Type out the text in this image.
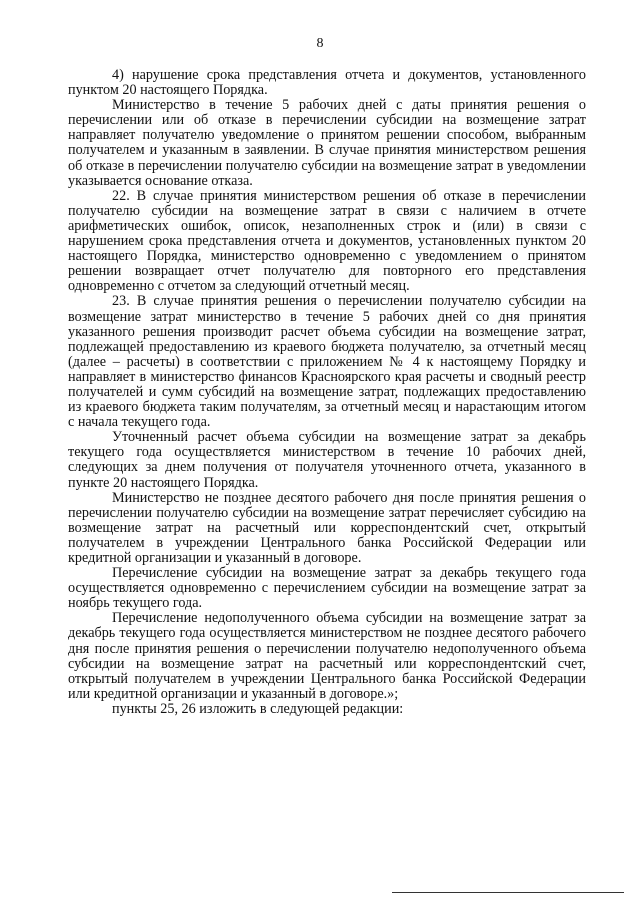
8

4) нарушение срока представления отчета и документов, установленного пунктом 20 настоящего Порядка.

Министерство в течение 5 рабочих дней с даты принятия решения о перечислении или об отказе в перечислении субсидии на возмещение затрат направляет получателю уведомление о принятом решении способом, выбранным получателем и указанным в заявлении. В случае принятия министерством решения об отказе в перечислении получателю субсидии на возмещение затрат в уведомлении указывается основание отказа.

22. В случае принятия министерством решения об отказе в перечислении получателю субсидии на возмещение затрат в связи с наличием в отчете арифметических ошибок, описок, незаполненных строк и (или) в связи с нарушением срока представления отчета и документов, установленных пунктом 20 настоящего Порядка, министерство одновременно с уведомлением о принятом решении возвращает отчет получателю для повторного его представления одновременно с отчетом за следующий отчетный месяц.

23. В случае принятия решения о перечислении получателю субсидии на возмещение затрат министерство в течение 5 рабочих дней со дня принятия указанного решения производит расчет объема субсидии на возмещение затрат, подлежащей предоставлению из краевого бюджета получателю, за отчетный месяц (далее – расчеты) в соответствии с приложением № 4 к настоящему Порядку и направляет в министерство финансов Красноярского края расчеты и сводный реестр получателей и сумм субсидий на возмещение затрат, подлежащих предоставлению из краевого бюджета таким получателям, за отчетный месяц и нарастающим итогом с начала текущего года.

Уточненный расчет объема субсидии на возмещение затрат за декабрь текущего года осуществляется министерством в течение 10 рабочих дней, следующих за днем получения от получателя уточненного отчета, указанного в пункте 20 настоящего Порядка.

Министерство не позднее десятого рабочего дня после принятия решения о перечислении получателю субсидии на возмещение затрат перечисляет субсидию на возмещение затрат на расчетный или корреспондентский счет, открытый получателем в учреждении Центрального банка Российской Федерации или кредитной организации и указанный в договоре.

Перечисление субсидии на возмещение затрат за декабрь текущего года осуществляется одновременно с перечислением субсидии на возмещение затрат за ноябрь текущего года.

Перечисление недополученного объема субсидии на возмещение затрат за декабрь текущего года осуществляется министерством не позднее десятого рабочего дня после принятия решения о перечислении получателю недополученного объема субсидии на возмещение затрат на расчетный или корреспондентский счет, открытый получателем в учреждении Центрального банка Российской Федерации или кредитной организации и указанный в договоре.»;

пункты 25, 26 изложить в следующей редакции:
